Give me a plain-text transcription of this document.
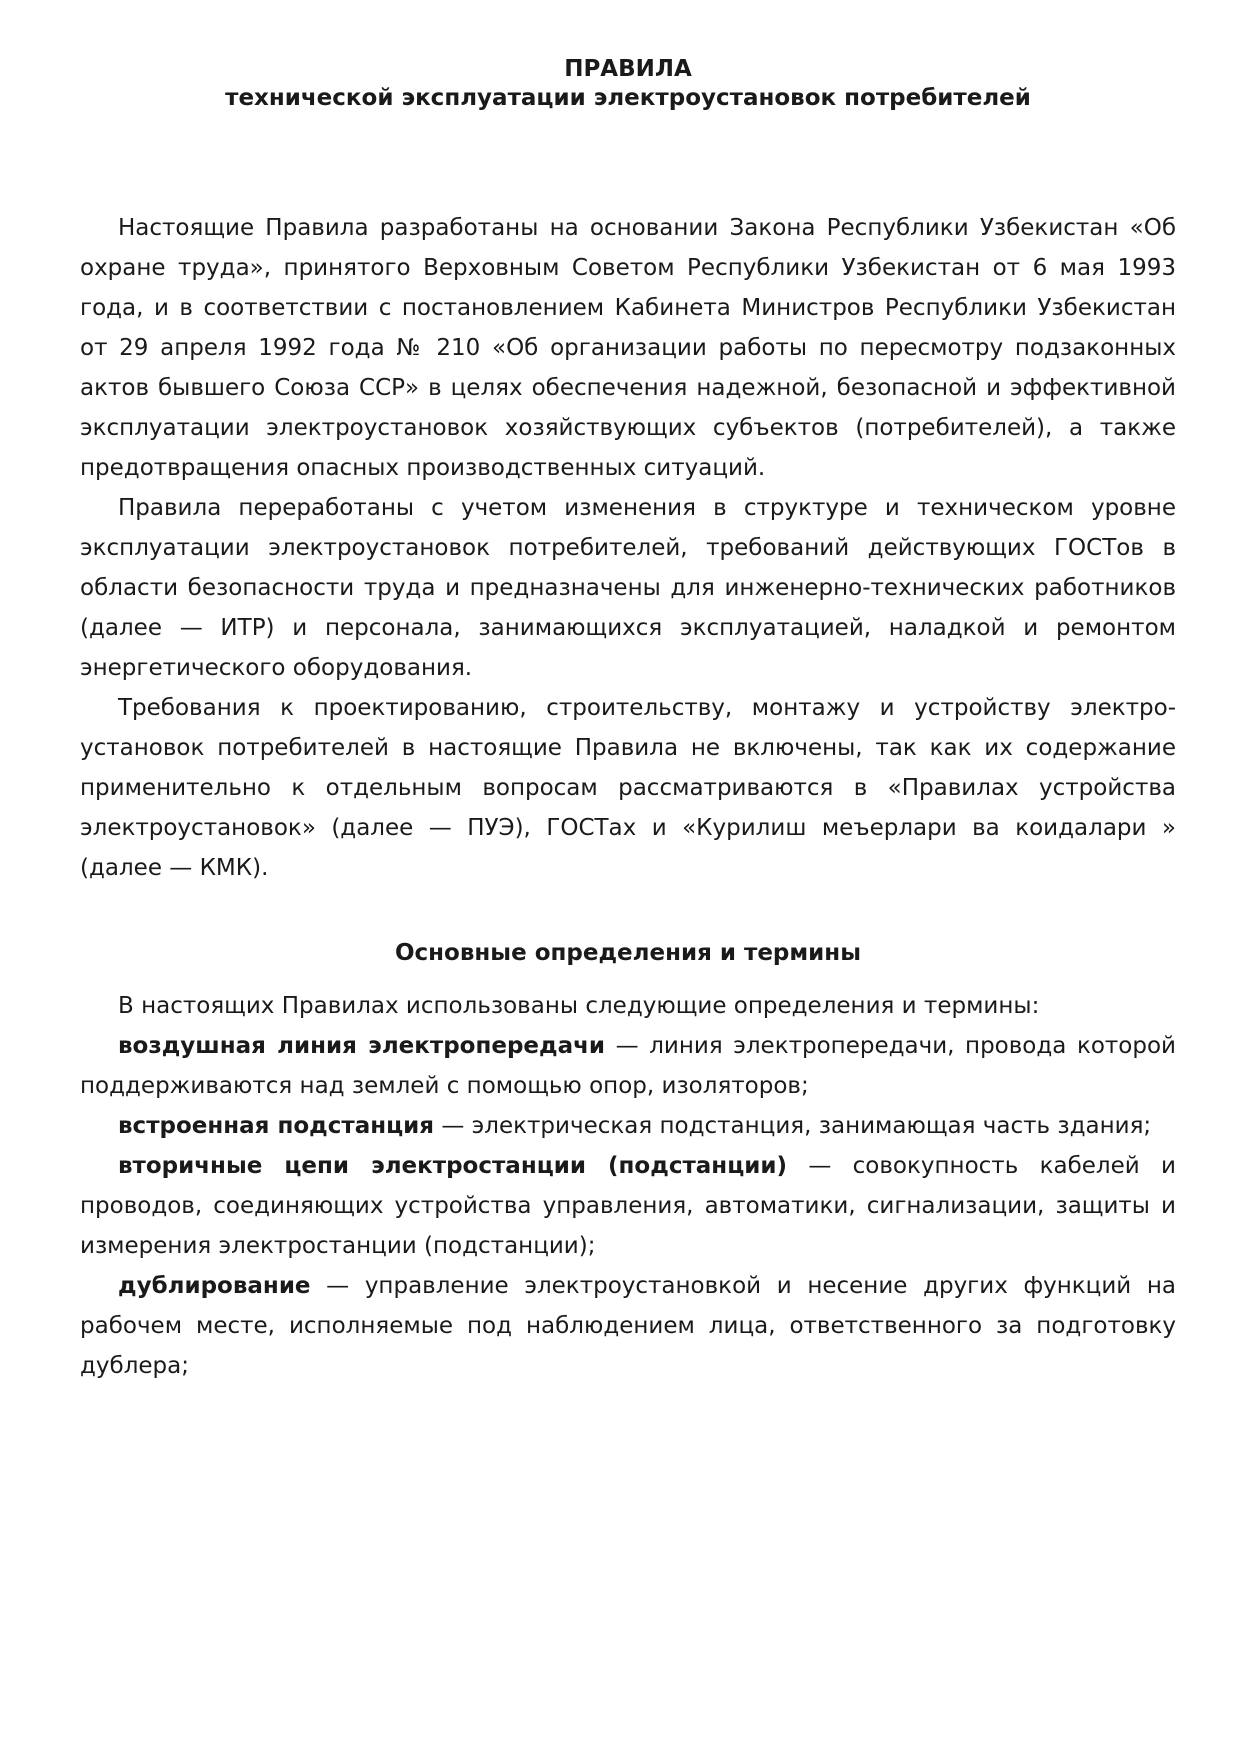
ПРАВИЛА
технической эксплуатации электроустановок потребителей

Настоящие Правила разработаны на основании Закона Республики Узбекистан «Об охране труда», принятого Верховным Советом Республики Узбекистан от 6 мая 1993 года, и в соответствии с постановлением Кабинета Министров Республики Узбекистан от 29 апреля 1992 года № 210 «Об организации работы по пересмотру подзаконных актов бывшего Союза ССР» в целях обеспечения надежной, безопасной и эффективной эксплуатации электроустановок хозяйствующих субъектов (потребителей), а также предотвращения опасных производственных ситуаций.

Правила переработаны с учетом изменения в структуре и техническом уровне эксплуатации электроустановок потребителей, требований действующих ГОСТов в области безопасности труда и предназначены для инженерно-технических работников (далее — ИТР) и персонала, занимающихся эксплуатацией, наладкой и ремонтом энергетического оборудования.

Требования к проектированию, строительству, монтажу и устройству электроустановок потребителей в настоящие Правила не включены, так как их содержание применительно к отдельным вопросам рассматриваются в «Правилах устройства электроустановок» (далее — ПУЭ), ГОСТах и «Курилиш меъерлари ва коидалари » (далее — КМК).

Основные определения и термины

В настоящих Правилах использованы следующие определения и термины:

воздушная линия электропередачи — линия электропередачи, провода которой поддерживаются над землей с помощью опор, изоляторов;

встроенная подстанция — электрическая подстанция, занимающая часть здания;

вторичные цепи электростанции (подстанции) — совокупность кабелей и проводов, соединяющих устройства управления, автоматики, сигнализации, защиты и измерения электростанции (подстанции);

дублирование — управление электроустановкой и несение других функций на рабочем месте, исполняемые под наблюдением лица, ответственного за подготовку дублера;
